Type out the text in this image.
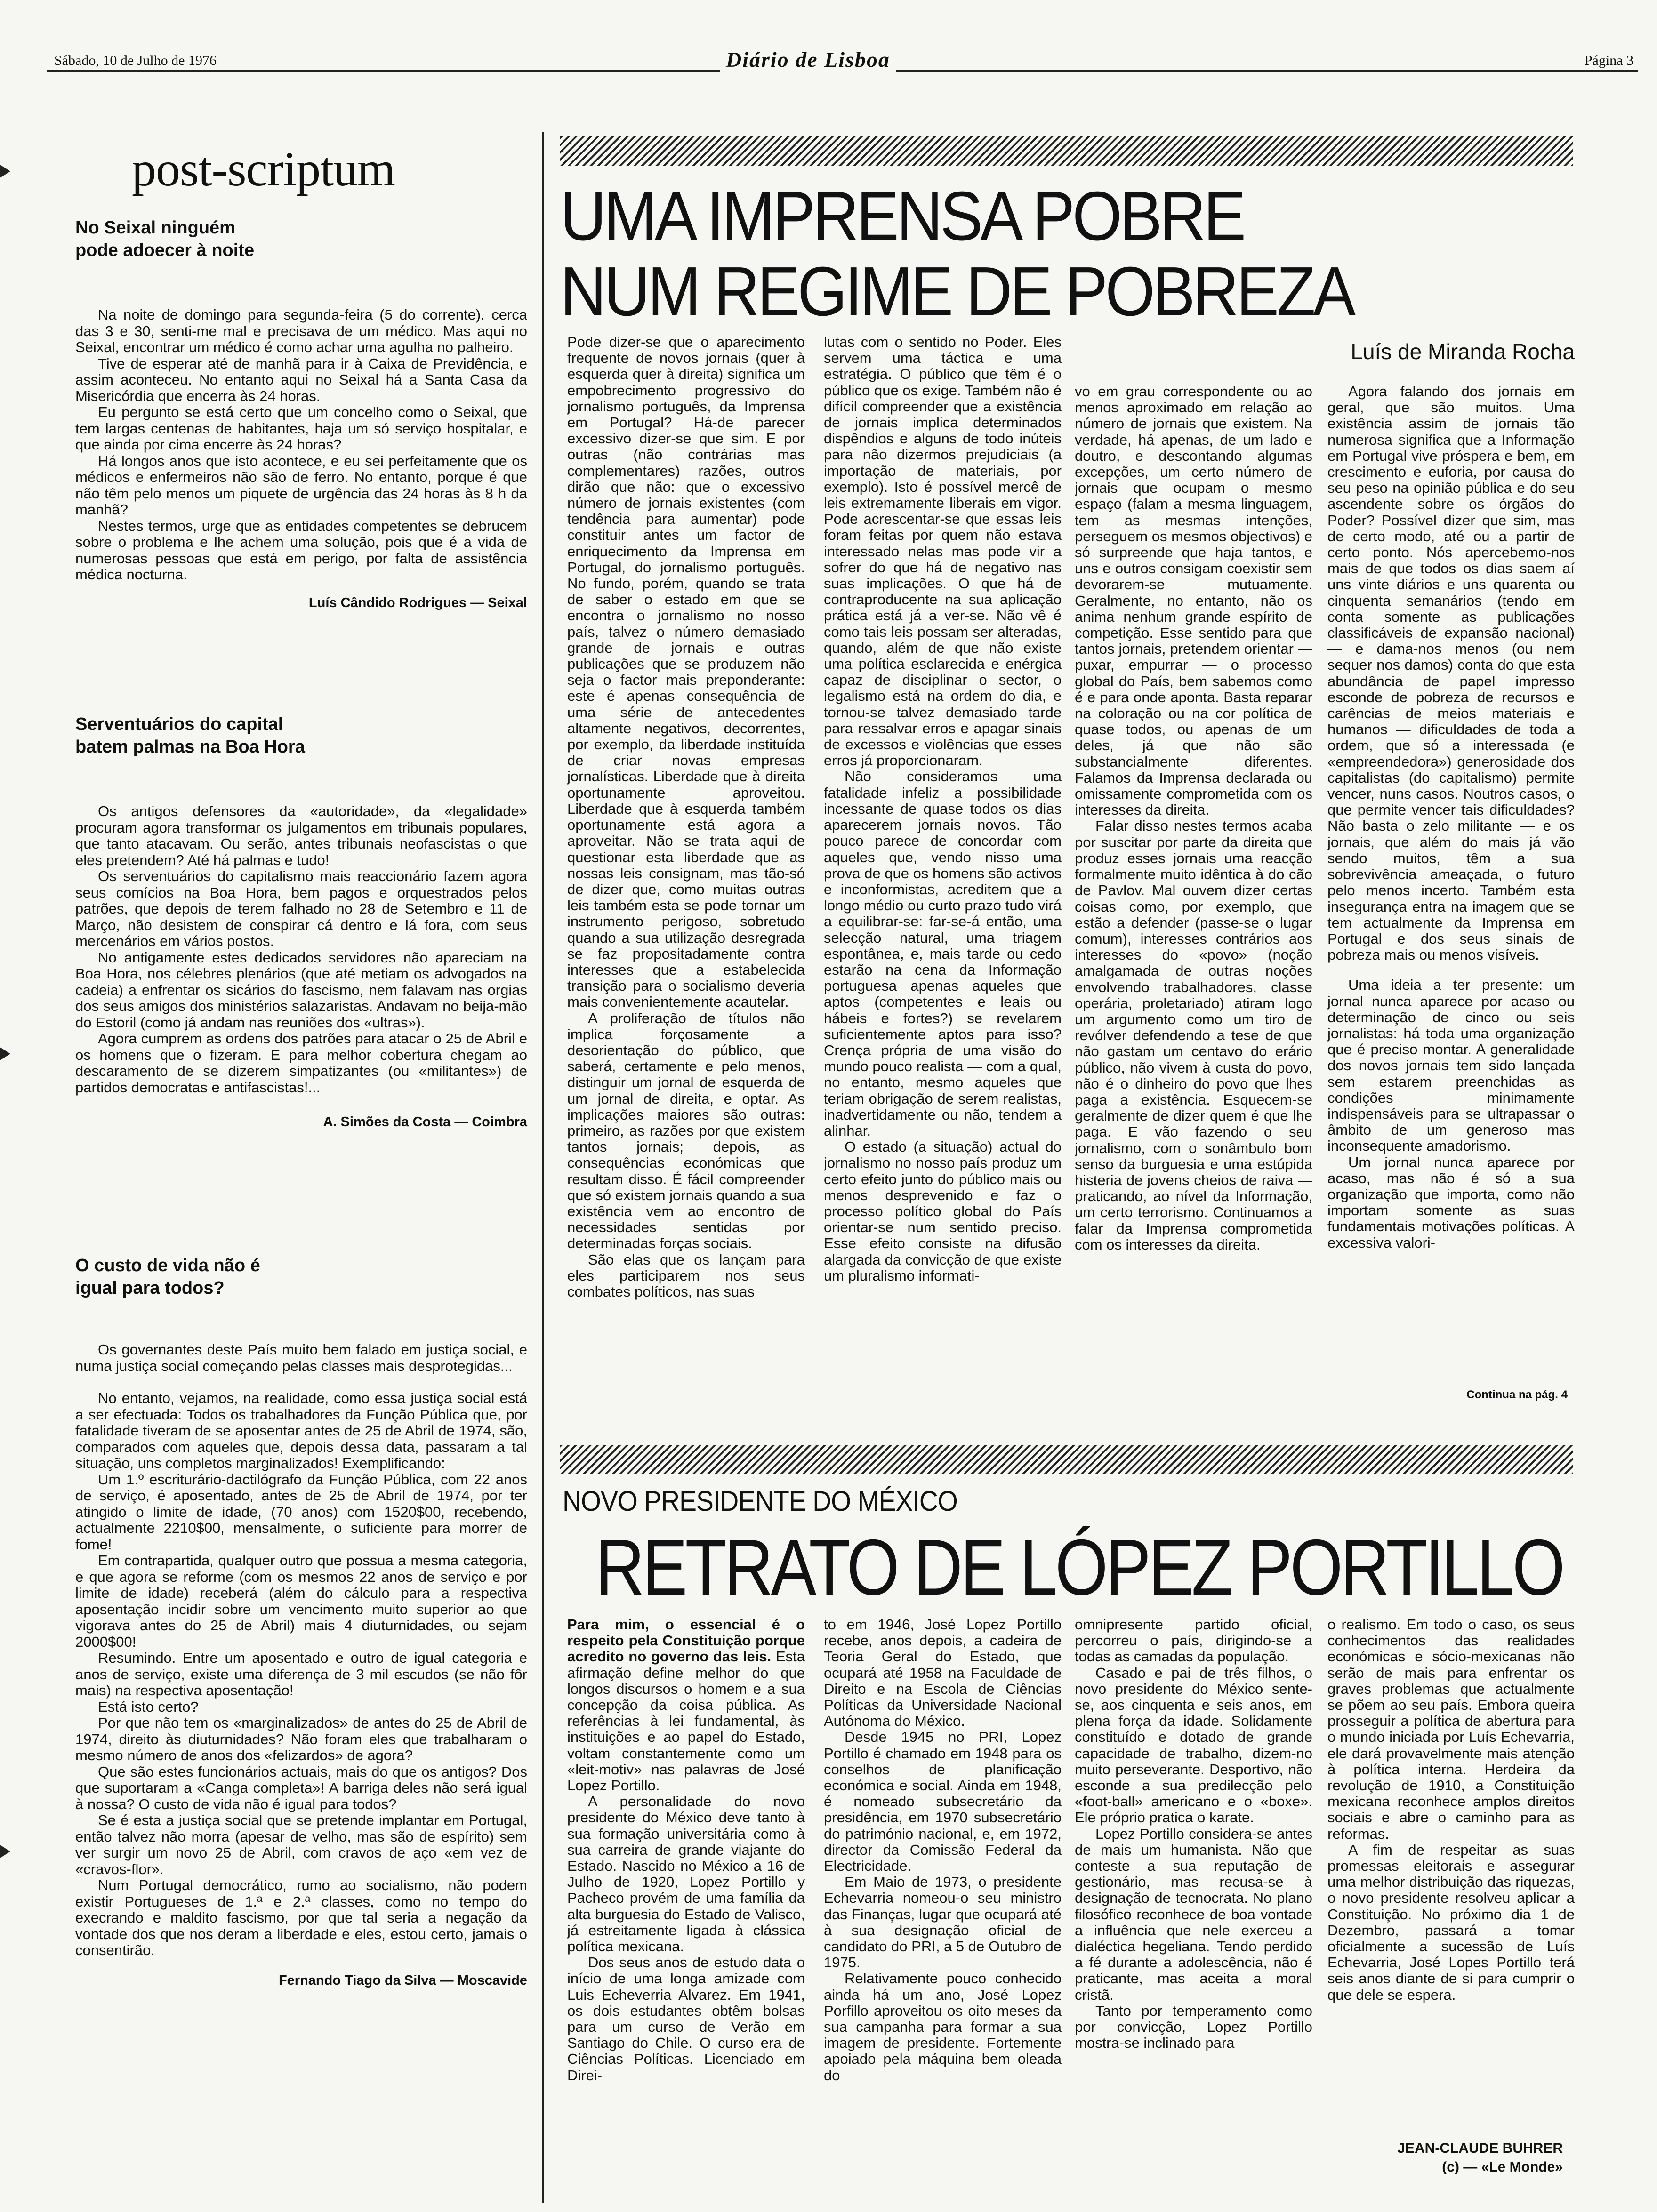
Sábado, 10 de Julho de 1976	Diário de Lisboa	Página 3
post-scriptum
No Seixal ninguém
pode adoecer à noite

Na noite de domingo para segunda-feira (5 do corrente), cerca das 3 e 30, senti-me mal e precisava de um médico. Mas aqui no Seixal, encontrar um médico é como achar uma agulha no palheiro.

Tive de esperar até de manhã para ir à Caixa de Previdência, e assim aconteceu. No entanto aqui no Seixal há a Santa Casa da Misericórdia que encerra às 24 horas.

Eu pergunto se está certo que um concelho como o Seixal, que tem largas centenas de habitantes, haja um só serviço hospitalar, e que ainda por cima encerre às 24 horas?

Há longos anos que isto acontece, e eu sei perfeitamente que os médicos e enfermeiros não são de ferro. No entanto, porque é que não têm pelo menos um piquete de urgência das 24 horas às 8 h da manhã?

Nestes termos, urge que as entidades competentes se debrucem sobre o problema e lhe achem uma solução, pois que é a vida de numerosas pessoas que está em perigo, por falta de assistência médica nocturna.

Luís Cândido Rodrigues — Seixal
Serventuários do capital
batem palmas na Boa Hora

Os antigos defensores da «autoridade», da «legalidade» procuram agora transformar os julgamentos em tribunais populares, que tanto atacavam. Ou serão, antes tribunais neofascistas o que eles pretendem? Até há palmas e tudo!

Os serventuários do capitalismo mais reaccionário fazem agora seus comícios na Boa Hora, bem pagos e orquestrados pelos patrões, que depois de terem falhado no 28 de Setembro e 11 de Março, não desistem de conspirar cá dentro e lá fora, com seus mercenários em vários postos.

No antigamente estes dedicados servidores não apareciam na Boa Hora, nos célebres plenários (que até metiam os advogados na cadeia) a enfrentar os sicários do fascismo, nem falavam nas orgias dos seus amigos dos ministérios salazaristas. Andavam no beija-mão do Estoril (como já andam nas reuniões dos «ultras»).

Agora cumprem as ordens dos patrões para atacar o 25 de Abril e os homens que o fizeram. E para melhor cobertura chegam ao descaramento de se dizerem simpatizantes (ou «militantes») de partidos democratas e antifascistas!...

A. Simões da Costa — Coimbra
O custo de vida não é
igual para todos?

Os governantes deste País muito bem falado em justiça social, e numa justiça social começando pelas classes mais desprotegidas...

No entanto, vejamos, na realidade, como essa justiça social está a ser efectuada: Todos os trabalhadores da Função Pública que, por fatalidade tiveram de se aposentar antes de 25 de Abril de 1974, são, comparados com aqueles que, depois dessa data, passaram a tal situação, uns completos marginalizados! Exemplificando:

Um 1.º escriturário-dactilógrafo da Função Pública, com 22 anos de serviço, é aposentado, antes de 25 de Abril de 1974, por ter atingido o limite de idade, (70 anos) com 1520$00, recebendo, actualmente 2210$00, mensalmente, o suficiente para morrer de fome!

Em contrapartida, qualquer outro que possua a mesma categoria, e que agora se reforme (com os mesmos 22 anos de serviço e por limite de idade) receberá (além do cálculo para a respectiva aposentação incidir sobre um vencimento muito superior ao que vigorava antes do 25 de Abril) mais 4 diuturnidades, ou sejam 2000$00!

Resumindo. Entre um aposentado e outro de igual categoria e anos de serviço, existe uma diferença de 3 mil escudos (se não fôr mais) na respectiva aposentação!

Está isto certo?

Por que não tem os «marginalizados» de antes do 25 de Abril de 1974, direito às diuturnidades? Não foram eles que trabalharam o mesmo número de anos dos «felizardos» de agora?

Que são estes funcionários actuais, mais do que os antigos? Dos que suportaram a «Canga completa»! A barriga deles não será igual à nossa? O custo de vida não é igual para todos?

Se é esta a justiça social que se pretende implantar em Portugal, então talvez não morra (apesar de velho, mas são de espírito) sem ver surgir um novo 25 de Abril, com cravos de aço «em vez de «cravos-flor».

Num Portugal democrático, rumo ao socialismo, não podem existir Portugueses de 1.ª e 2.ª classes, como no tempo do execrando e maldito fascismo, por que tal seria a negação da vontade dos que nos deram a liberdade e eles, estou certo, jamais o consentirão.

Fernando Tiago da Silva — Moscavide
UMA IMPRENSA POBRE
NUM REGIME DE POBREZA
Luís de Miranda Rocha

Pode dizer-se que o aparecimento frequente de novos jornais (quer à esquerda quer à direita) significa um empobrecimento progressivo do jornalismo português, da Imprensa em Portugal? Há-de parecer excessivo dizer-se que sim. E por outras (não contrárias mas complementares) razões, outros dirão que não: que o excessivo número de jornais existentes (com tendência para aumentar) pode constituir antes um factor de enriquecimento da Imprensa em Portugal, do jornalismo português. No fundo, porém, quando se trata de saber o estado em que se encontra o jornalismo no nosso país, talvez o número demasiado grande de jornais e outras publicações que se produzem não seja o factor mais preponderante: este é apenas consequência de uma série de antecedentes altamente negativos, decorrentes, por exemplo, da liberdade instituída de criar novas empresas jornalísticas. Liberdade que à direita oportunamente aproveitou. Liberdade que à esquerda também oportunamente está agora a aproveitar. Não se trata aqui de questionar esta liberdade que as nossas leis consignam, mas tão-só de dizer que, como muitas outras leis também esta se pode tornar um instrumento perigoso, sobretudo quando a sua utilização desregrada se faz propositadamente contra interesses que a estabelecida transição para o socialismo deveria mais convenientemente acautelar.

A proliferação de títulos não implica forçosamente a desorientação do público, que saberá, certamente e pelo menos, distinguir um jornal de esquerda de um jornal de direita, e optar. As implicações maiores são outras: primeiro, as razões por que existem tantos jornais; depois, as consequências económicas que resultam disso. É fácil compreender que só existem jornais quando a sua existência vem ao encontro de necessidades sentidas por determinadas forças sociais.

São elas que os lançam para eles participarem nos seus combates políticos, nas suas

lutas com o sentido no Poder. Eles servem uma táctica e uma estratégia. O público que têm é o público que os exige. Também não é difícil compreender que a existência de jornais implica determinados dispêndios e alguns de todo inúteis para não dizermos prejudiciais (a importação de materiais, por exemplo). Isto é possível mercê de leis extremamente liberais em vigor. Pode acrescentar-se que essas leis foram feitas por quem não estava interessado nelas mas pode vir a sofrer do que há de negativo nas suas implicações. O que há de contraproducente na sua aplicação prática está já a ver-se. Não vê é como tais leis possam ser alteradas, quando, além de que não existe uma política esclarecida e enérgica capaz de disciplinar o sector, o legalismo está na ordem do dia, e tornou-se talvez demasiado tarde para ressalvar erros e apagar sinais de excessos e violências que esses erros já proporcionaram.

Não consideramos uma fatalidade infeliz a possibilidade incessante de quase todos os dias aparecerem jornais novos. Tão pouco parece de concordar com aqueles que, vendo nisso uma prova de que os homens são activos e inconformistas, acreditem que a longo médio ou curto prazo tudo virá a equilibrar-se: far-se-á então, uma selecção natural, uma triagem espontânea, e, mais tarde ou cedo estarão na cena da Informação portuguesa apenas aqueles que aptos (competentes e leais ou hábeis e fortes?) se revelarem suficientemente aptos para isso? Crença própria de uma visão do mundo pouco realista — com a qual, no entanto, mesmo aqueles que teriam obrigação de serem realistas, inadvertidamente ou não, tendem a alinhar.

O estado (a situação) actual do jornalismo no nosso país produz um certo efeito junto do público mais ou menos desprevenido e faz o processo político global do País orientar-se num sentido preciso. Esse efeito consiste na difusão alargada da convicção de que existe um pluralismo informati-

vo em grau correspondente ou ao menos aproximado em relação ao número de jornais que existem. Na verdade, há apenas, de um lado e doutro, e descontando algumas excepções, um certo número de jornais que ocupam o mesmo espaço (falam a mesma linguagem, tem as mesmas intenções, perseguem os mesmos objectivos) e só surpreende que haja tantos, e uns e outros consigam coexistir sem devorarem-se mutuamente. Geralmente, no entanto, não os anima nenhum grande espírito de competição. Esse sentido para que tantos jornais, pretendem orientar — puxar, empurrar — o processo global do País, bem sabemos como é e para onde aponta. Basta reparar na coloração ou na cor política de quase todos, ou apenas de um deles, já que não são substancialmente diferentes. Falamos da Imprensa declarada ou omissamente comprometida com os interesses da direita.

Falar disso nestes termos acaba por suscitar por parte da direita que produz esses jornais uma reacção formalmente muito idêntica à do cão de Pavlov. Mal ouvem dizer certas coisas como, por exemplo, que estão a defender (passe-se o lugar comum), interesses contrários aos interesses do «povo» (noção amalgamada de outras noções envolvendo trabalhadores, classe operária, proletariado) atiram logo um argumento como um tiro de revólver defendendo a tese de que não gastam um centavo do erário público, não vivem à custa do povo, não é o dinheiro do povo que lhes paga a existência. Esquecem-se geralmente de dizer quem é que lhe paga. E vão fazendo o seu jornalismo, com o sonâmbulo bom senso da burguesia e uma estúpida histeria de jovens cheios de raiva — praticando, ao nível da Informação, um certo terrorismo. Continuamos a falar da Imprensa comprometida com os interesses da direita.

Agora falando dos jornais em geral, que são muitos. Uma existência assim de jornais tão numerosa significa que a Informação em Portugal vive próspera e bem, em crescimento e euforia, por causa do seu peso na opinião pública e do seu ascendente sobre os órgãos do Poder? Possível dizer que sim, mas de certo modo, até ou a partir de certo ponto. Nós apercebemo-nos mais de que todos os dias saem aí uns vinte diários e uns quarenta ou cinquenta semanários (tendo em conta somente as publicações classificáveis de expansão nacional) — e dama-nos menos (ou nem sequer nos damos) conta do que esta abundância de papel impresso esconde de pobreza de recursos e carências de meios materiais e humanos — dificuldades de toda a ordem, que só a interessada (e «empreendedora») generosidade dos capitalistas (do capitalismo) permite vencer, nuns casos. Noutros casos, o que permite vencer tais dificuldades? Não basta o zelo militante — e os jornais, que além do mais já vão sendo muitos, têm a sua sobrevivência ameaçada, o futuro pelo menos incerto. Também esta insegurança entra na imagem que se tem actualmente da Imprensa em Portugal e dos seus sinais de pobreza mais ou menos visíveis.

Uma ideia a ter presente: um jornal nunca aparece por acaso ou determinação de cinco ou seis jornalistas: há toda uma organização que é preciso montar. A generalidade dos novos jornais tem sido lançada sem estarem preenchidas as condições minimamente indispensáveis para se ultrapassar o âmbito de um generoso mas inconsequente amadorismo.

Um jornal nunca aparece por acaso, mas não é só a sua organização que importa, como não importam somente as suas fundamentais motivações políticas. A excessiva valori-

Continua na pág. 4
NOVO PRESIDENTE DO MÉXICO
RETRATO DE LÓPEZ PORTILLO

Para mim, o essencial é o respeito pela Constituição porque acredito no governo das leis. Esta afirmação define melhor do que longos discursos o homem e a sua concepção da coisa pública. As referências à lei fundamental, às instituições e ao papel do Estado, voltam constantemente como um «leit-motiv» nas palavras de José Lopez Portillo.

A personalidade do novo presidente do México deve tanto à sua formação universitária como à sua carreira de grande viajante do Estado. Nascido no México a 16 de Julho de 1920, Lopez Portillo y Pacheco provém de uma família da alta burguesia do Estado de Valisco, já estreitamente ligada à clássica política mexicana.

Dos seus anos de estudo data o início de uma longa amizade com Luis Echeverria Alvarez. Em 1941, os dois estudantes obtêm bolsas para um curso de Verão em Santiago do Chile. O curso era de Ciências Políticas. Licenciado em Direi-

to em 1946, José Lopez Portillo recebe, anos depois, a cadeira de Teoria Geral do Estado, que ocupará até 1958 na Faculdade de Direito e na Escola de Ciências Políticas da Universidade Nacional Autónoma do México.

Desde 1945 no PRI, Lopez Portillo é chamado em 1948 para os conselhos de planificação económica e social. Ainda em 1948, é nomeado subsecretário da presidência, em 1970 subsecretário do património nacional, e, em 1972, director da Comissão Federal da Electricidade.

Em Maio de 1973, o presidente Echevarria nomeou-o seu ministro das Finanças, lugar que ocupará até à sua designação oficial de candidato do PRI, a 5 de Outubro de 1975.

Relativamente pouco conhecido ainda há um ano, José Lopez Porfillo aproveitou os oito meses da sua campanha para formar a sua imagem de presidente. Fortemente apoiado pela máquina bem oleada do

omnipresente partido oficial, percorreu o país, dirigindo-se a todas as camadas da população.

Casado e pai de três filhos, o novo presidente do México sente-se, aos cinquenta e seis anos, em plena força da idade. Solidamente constituído e dotado de grande capacidade de trabalho, dizem-no muito perseverante. Desportivo, não esconde a sua predilecção pelo «foot-ball» americano e o «boxe». Ele próprio pratica o karate.

Lopez Portillo considera-se antes de mais um humanista. Não que conteste a sua reputação de gestionário, mas recusa-se à designação de tecnocrata. No plano filosófico reconhece de boa vontade a influência que nele exerceu a dialéctica hegeliana. Tendo perdido a fé durante a adolescência, não é praticante, mas aceita a moral cristã.

Tanto por temperamento como por convicção, Lopez Portillo mostra-se inclinado para

o realismo. Em todo o caso, os seus conhecimentos das realidades económicas e sócio-mexicanas não serão de mais para enfrentar os graves problemas que actualmente se põem ao seu país. Embora queira prosseguir a política de abertura para o mundo iniciada por Luís Echevarria, ele dará provavelmente mais atenção à política interna. Herdeira da revolução de 1910, a Constituição mexicana reconhece amplos direitos sociais e abre o caminho para as reformas.

A fim de respeitar as suas promessas eleitorais e assegurar uma melhor distribuição das riquezas, o novo presidente resolveu aplicar a Constituição. No próximo dia 1 de Dezembro, passará a tomar oficialmente a sucessão de Luís Echevarria, José Lopes Portillo terá seis anos diante de si para cumprir o que dele se espera.

JEAN-CLAUDE BUHRER
(c) — «Le Monde»
